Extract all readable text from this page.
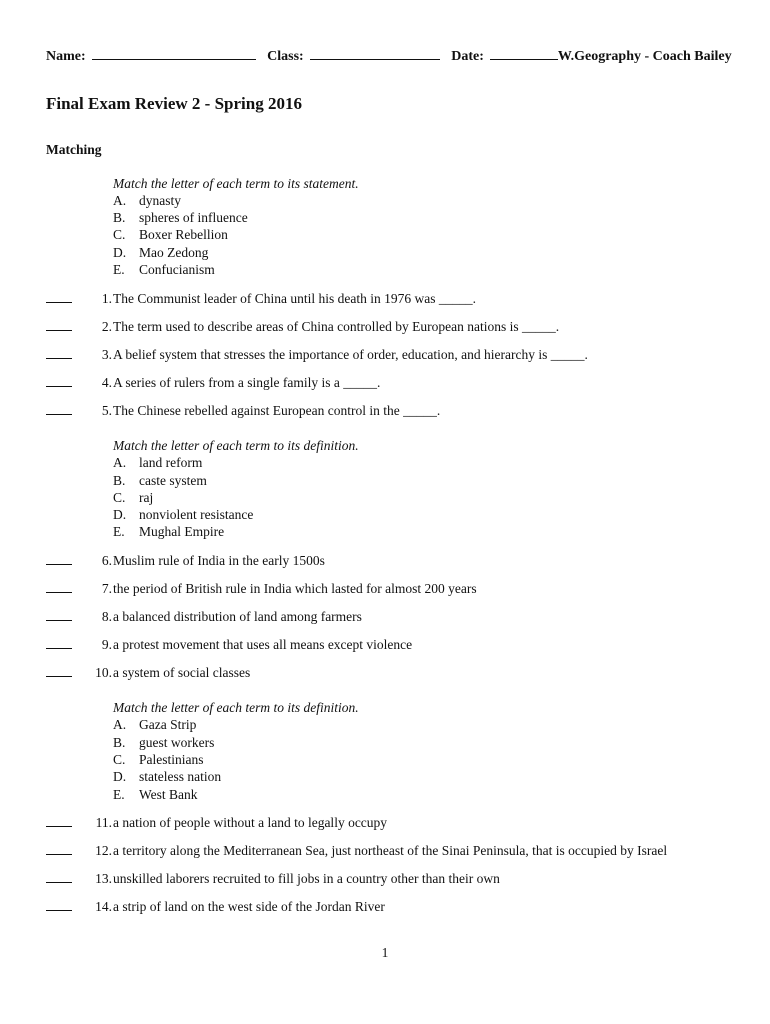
Name:	Class:	Date:	W.Geography - Coach Bailey
Final Exam Review 2 - Spring 2016
Matching
Match the letter of each term to its statement.
A. dynasty
B. spheres of influence
C. Boxer Rebellion
D. Mao Zedong
E. Confucianism
1. The Communist leader of China until his death in 1976 was _____.
2. The term used to describe areas of China controlled by European nations is _____.
3. A belief system that stresses the importance of order, education, and hierarchy is _____.
4. A series of rulers from a single family is a _____.
5. The Chinese rebelled against European control in the _____.
Match the letter of each term to its definition.
A. land reform
B. caste system
C. raj
D. nonviolent resistance
E. Mughal Empire
6. Muslim rule of India in the early 1500s
7. the period of British rule in India which lasted for almost 200 years
8. a balanced distribution of land among farmers
9. a protest movement that uses all means except violence
10. a system of social classes
Match the letter of each term to its definition.
A. Gaza Strip
B. guest workers
C. Palestinians
D. stateless nation
E. West Bank
11. a nation of people without a land to legally occupy
12. a territory along the Mediterranean Sea, just northeast of the Sinai Peninsula, that is occupied by Israel
13. unskilled laborers recruited to fill jobs in a country other than their own
14. a strip of land on the west side of the Jordan River
1
